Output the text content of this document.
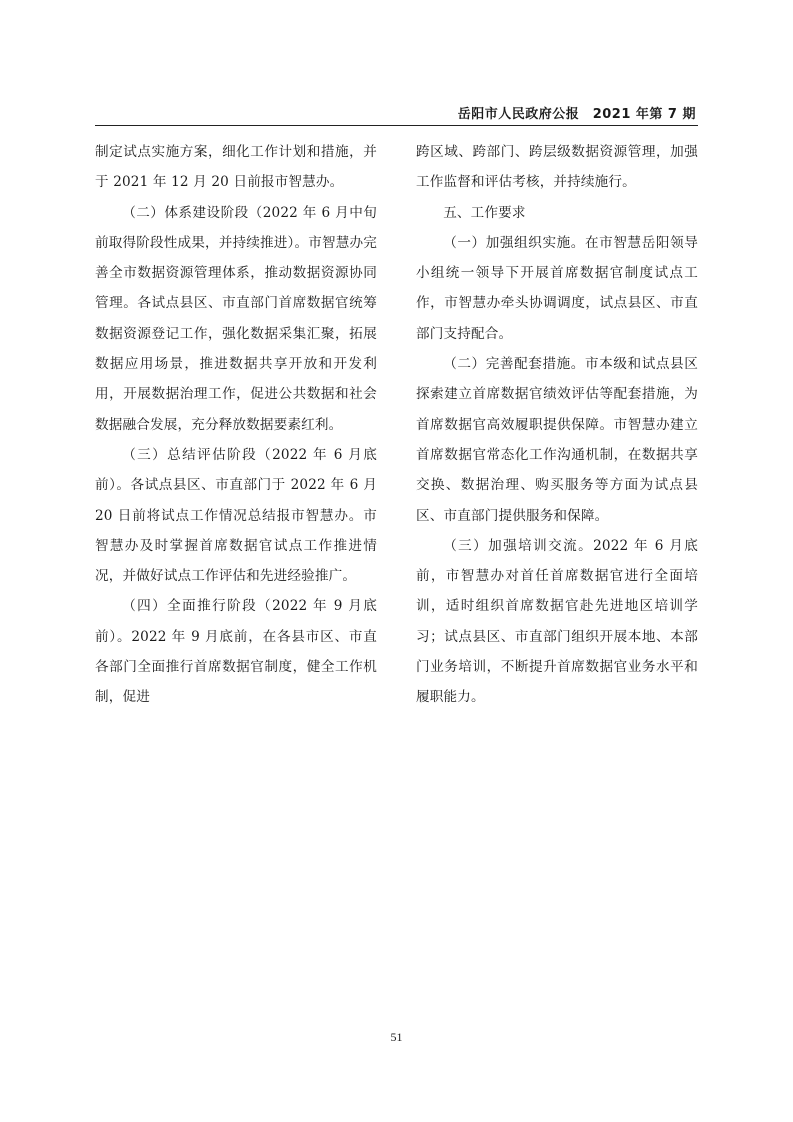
岳阳市人民政府公报　2021 年第 7 期

制定试点实施方案，细化工作计划和措施，并于 2021 年 12 月 20 日前报市智慧办。

（二）体系建设阶段（2022 年 6 月中旬前取得阶段性成果，并持续推进）。市智慧办完善全市数据资源管理体系，推动数据资源协同管理。各试点县区、市直部门首席数据官统筹数据资源登记工作，强化数据采集汇聚，拓展数据应用场景，推进数据共享开放和开发利用，开展数据治理工作，促进公共数据和社会数据融合发展，充分释放数据要素红利。

（三）总结评估阶段（2022 年 6 月底前）。各试点县区、市直部门于 2022 年 6 月 20 日前将试点工作情况总结报市智慧办。市智慧办及时掌握首席数据官试点工作推进情况，并做好试点工作评估和先进经验推广。

（四）全面推行阶段（2022 年 9 月底前）。2022 年 9 月底前，在各县市区、市直各部门全面推行首席数据官制度，健全工作机制，促进

跨区域、跨部门、跨层级数据资源管理，加强工作监督和评估考核，并持续施行。

五、工作要求

（一）加强组织实施。在市智慧岳阳领导小组统一领导下开展首席数据官制度试点工作，市智慧办牵头协调调度，试点县区、市直部门支持配合。

（二）完善配套措施。市本级和试点县区探索建立首席数据官绩效评估等配套措施，为首席数据官高效履职提供保障。市智慧办建立首席数据官常态化工作沟通机制，在数据共享交换、数据治理、购买服务等方面为试点县区、市直部门提供服务和保障。

（三）加强培训交流。2022 年 6 月底前，市智慧办对首任首席数据官进行全面培训，适时组织首席数据官赴先进地区培训学习；试点县区、市直部门组织开展本地、本部门业务培训，不断提升首席数据官业务水平和履职能力。

51
